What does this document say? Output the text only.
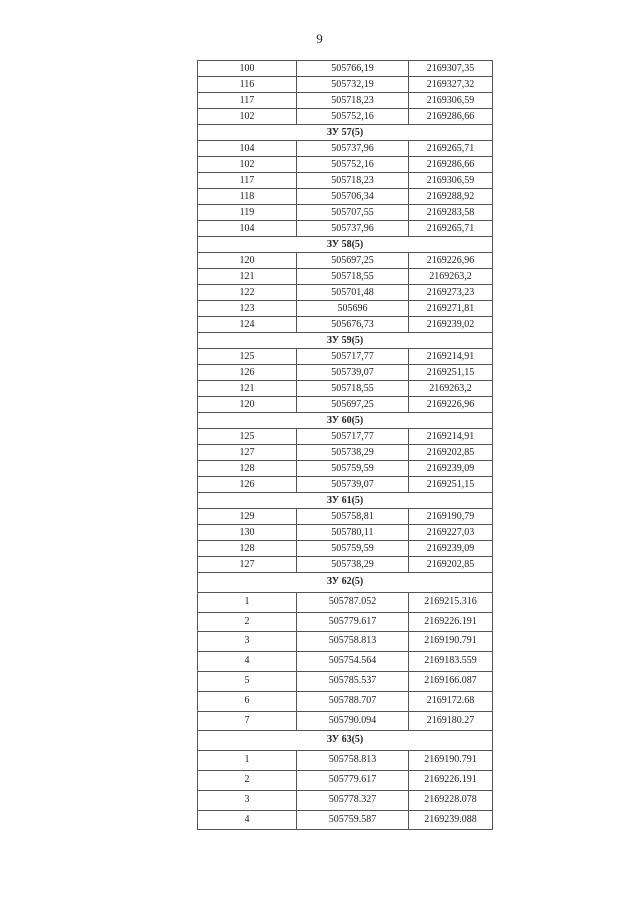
9
100	505766,19	2169307,35
116	505732,19	2169327,32
117	505718,23	2169306,59
102	505752,16	2169286,66
ЗУ 57(5)		
104	505737,96	2169265,71
102	505752,16	2169286,66
117	505718,23	2169306,59
118	505706,34	2169288,92
119	505707,55	2169283,58
104	505737,96	2169265,71
ЗУ 58(5)		
120	505697,25	2169226,96
121	505718,55	2169263,2
122	505701,48	2169273,23
123	505696	2169271,81
124	505676,73	2169239,02
ЗУ 59(5)		
125	505717,77	2169214,91
126	505739,07	2169251,15
121	505718,55	2169263,2
120	505697,25	2169226,96
ЗУ 60(5)		
125	505717,77	2169214,91
127	505738,29	2169202,85
128	505759,59	2169239,09
126	505739,07	2169251,15
ЗУ 61(5)		
129	505758,81	2169190,79
130	505780,11	2169227,03
128	505759,59	2169239,09
127	505738,29	2169202,85
ЗУ 62(5)		
1	505787.052	2169215.316
2	505779.617	2169226.191
3	505758.813	2169190.791
4	505754.564	2169183.559
5	505785.537	2169166.087
6	505788.707	2169172.68
7	505790.094	2169180.27
ЗУ 63(5)		
1	505758.813	2169190.791
2	505779.617	2169226.191
3	505778.327	2169228.078
4	505759.587	2169239.088
